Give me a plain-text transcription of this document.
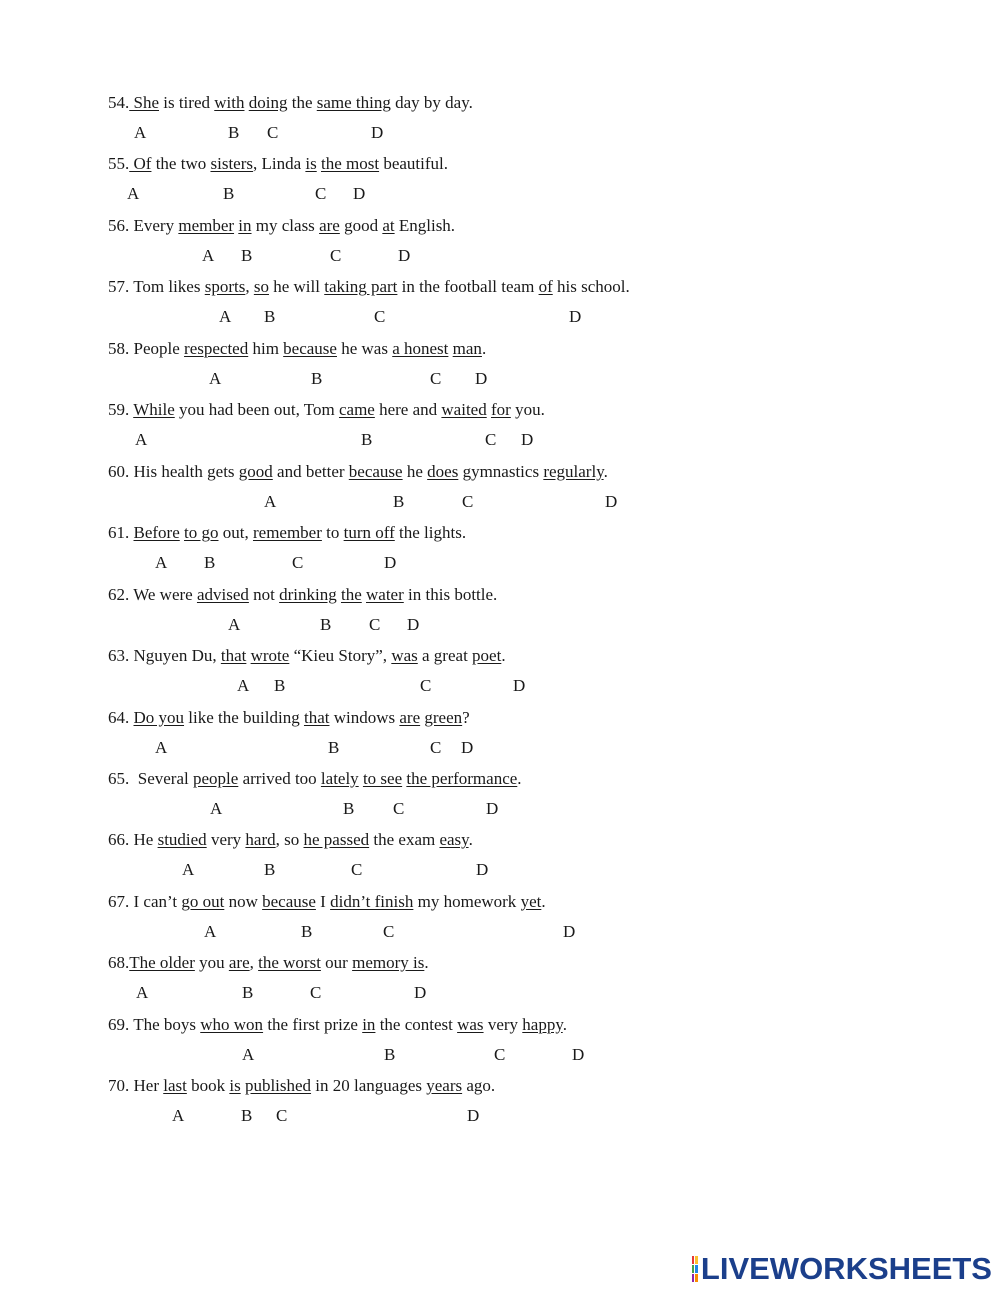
54. She is tired with doing the same thing day by day.
A	B C	D
55. Of the two sisters, Linda is the most beautiful.
A	B	C D
56. Every member in my class are good at English.
A B	C	D
57. Tom likes sports, so he will taking part in the football team of his school.
A B	C	D
58. People respected him because he was a honest man.
A	B	C D
59. While you had been out, Tom came here and waited for you.
A	B	C D
60. His health gets good and better because he does gymnastics regularly.
A	B	C	D
61. Before to go out, remember to turn off the lights.
A B	C	D
62. We were advised not drinking the water in this bottle.
A	B C D
63. Nguyen Du, that wrote “Kieu Story”, was a great poet.
A B	C	D
64. Do you like the building that windows are green?
A	B	C D
65.  Several people arrived too lately to see the performance.
A	B C	D
66. He studied very hard, so he passed the exam easy.
A	B	C	D
67. I can’t go out now because I didn’t finish my homework yet.
A	B	C	D
68.The older you are, the worst our memory is.
A	B	C	D
69. The boys who won the first prize in the contest was very happy.
A	B	C	D
70. Her last book is published in 20 languages years ago.
A	B C	D
LIVEWORKSHEETS
